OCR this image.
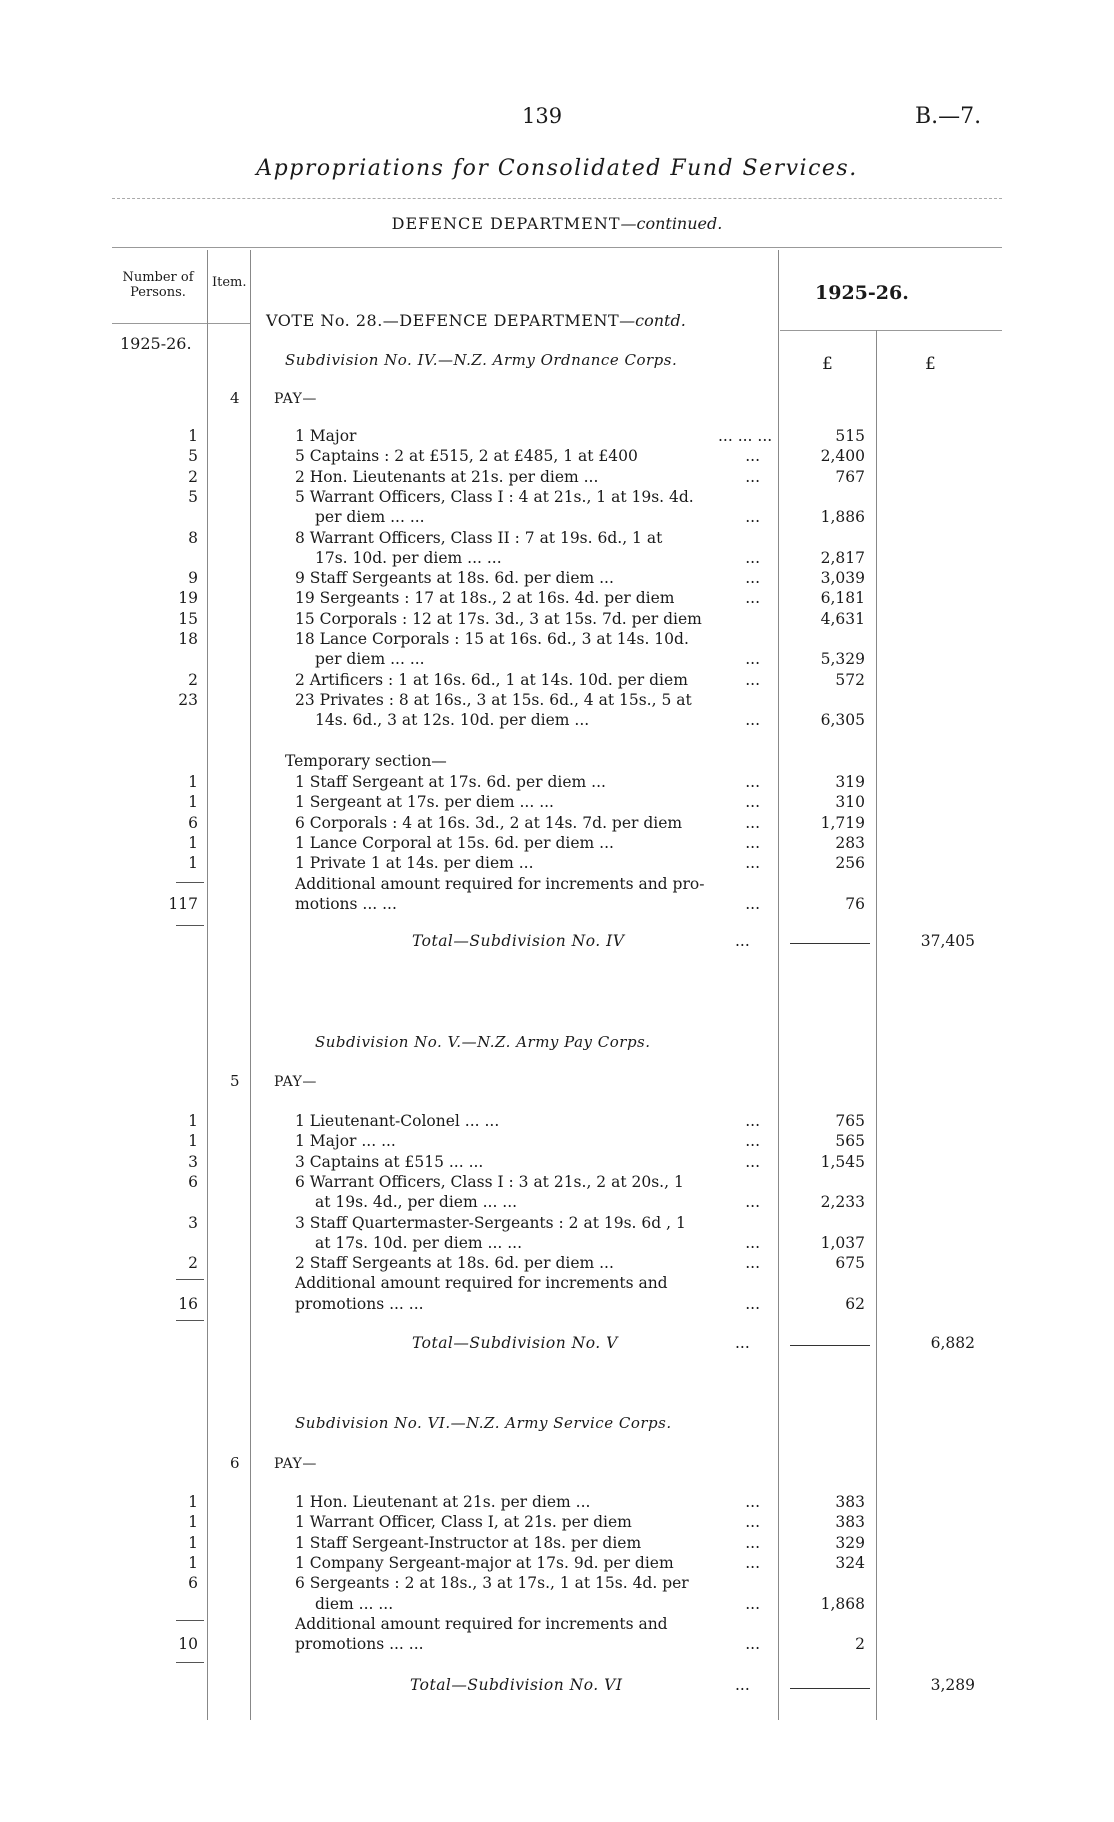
139	B.—7.
Appropriations for Consolidated Fund Services.
DEFENCE DEPARTMENT—continued.
Number of Persons.
Item.
1925-26.
1925-26.
£	£
VOTE No. 28.—DEFENCE DEPARTMENT—contd.
Subdivision No. IV.—N.Z. Army Ordnance Corps.
4 PAY—
1	1 Major	... ... ...	515
5	5 Captains : 2 at £515, 2 at £485, 1 at £400	...	2,400
2	2 Hon. Lieutenants at 21s. per diem ...	...	767
5	5 Warrant Officers, Class I : 4 at 21s., 1 at 19s. 4d.
per diem ... ...	...	1,886
8	8 Warrant Officers, Class II : 7 at 19s. 6d., 1 at
17s. 10d. per diem ... ...	...	2,817
9	9 Staff Sergeants at 18s. 6d. per diem ...	...	3,039
19	19 Sergeants : 17 at 18s., 2 at 16s. 4d. per diem	...	6,181
15	15 Corporals : 12 at 17s. 3d., 3 at 15s. 7d. per diem	4,631
18	18 Lance Corporals : 15 at 16s. 6d., 3 at 14s. 10d.
per diem ... ...	...	5,329
2	2 Artificers : 1 at 16s. 6d., 1 at 14s. 10d. per diem	...	572
23	23 Privates : 8 at 16s., 3 at 15s. 6d., 4 at 15s., 5 at
14s. 6d., 3 at 12s. 10d. per diem ...	...	6,305
Temporary section—
1	1 Staff Sergeant at 17s. 6d. per diem ...	...	319
1	1 Sergeant at 17s. per diem ... ...	...	310
6	6 Corporals : 4 at 16s. 3d., 2 at 14s. 7d. per diem	...	1,719
1	1 Lance Corporal at 15s. 6d. per diem ...	...	283
1	1 Private 1 at 14s. per diem ...	...	256
Additional amount required for increments and pro-
117	motions ... ...	...	76
Total—Subdivision No. IV	...	37,405
Subdivision No. V.—N.Z. Army Pay Corps.
5 PAY—
1	1 Lieutenant-Colonel ... ...	...	765
1	1 Major ... ...	...	565
3	3 Captains at £515 ... ...	...	1,545
6	6 Warrant Officers, Class I : 3 at 21s., 2 at 20s., 1
at 19s. 4d., per diem ... ...	...	2,233
3	3 Staff Quartermaster-Sergeants : 2 at 19s. 6d , 1
at 17s. 10d. per diem ... ...	...	1,037
2	2 Staff Sergeants at 18s. 6d. per diem ...	...	675
Additional amount required for increments and
16	promotions ... ...	...	62
Total—Subdivision No. V	...	6,882
Subdivision No. VI.—N.Z. Army Service Corps.
6 PAY—
1	1 Hon. Lieutenant at 21s. per diem ...	...	383
1	1 Warrant Officer, Class I, at 21s. per diem	...	383
1	1 Staff Sergeant-Instructor at 18s. per diem	...	329
1	1 Company Sergeant-major at 17s. 9d. per diem	...	324
6	6 Sergeants : 2 at 18s., 3 at 17s., 1 at 15s. 4d. per
diem ... ...	...	1,868
Additional amount required for increments and
10	promotions ... ...	...	2
Total—Subdivision No. VI	...	3,289
